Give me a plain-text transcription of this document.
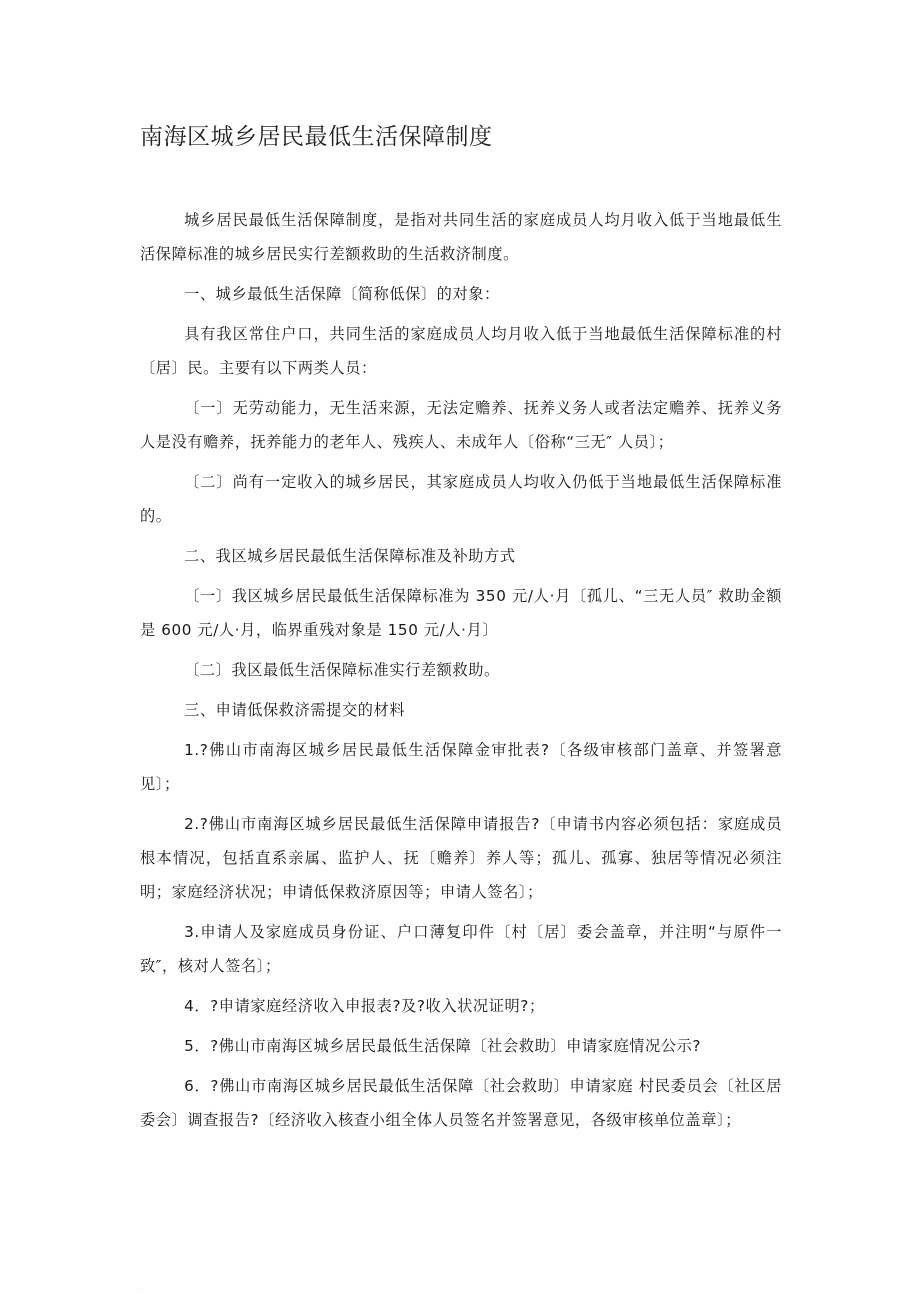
南海区城乡居民最低生活保障制度

城乡居民最低生活保障制度，是指对共同生活的家庭成员人均月收入低于当地最低生活保障标准的城乡居民实行差额救助的生活救济制度。

一、城乡最低生活保障〔简称低保〕的对象：

具有我区常住户口，共同生活的家庭成员人均月收入低于当地最低生活保障标准的村〔居〕民。主要有以下两类人员：

〔一〕无劳动能力，无生活来源，无法定赡养、抚养义务人或者法定赡养、抚养义务人是没有赡养，抚养能力的老年人、残疾人、未成年人〔俗称“三无″ 人员〕；

〔二〕尚有一定收入的城乡居民，其家庭成员人均收入仍低于当地最低生活保障标准的。

二、我区城乡居民最低生活保障标准及补助方式

〔一〕我区城乡居民最低生活保障标准为 350 元/人·月〔孤儿、“三无人员″ 救助金额是 600 元/人·月，临界重残对象是 150 元/人·月〕

〔二〕我区最低生活保障标准实行差额救助。

三、申请低保救济需提交的材料

1.?佛山市南海区城乡居民最低生活保障金审批表?〔各级审核部门盖章、并签署意见〕；

2.?佛山市南海区城乡居民最低生活保障申请报告?〔申请书内容必须包括：家庭成员根本情况，包括直系亲属、监护人、抚〔赡养〕养人等；孤儿、孤寡、独居等情况必须注明；家庭经济状况；申请低保救济原因等；申请人签名〕；

3.申请人及家庭成员身份证、户口薄复印件〔村〔居〕委会盖章，并注明“与原件一致″，核对人签名〕；

4．?申请家庭经济收入申报表?及?收入状况证明?；

5．?佛山市南海区城乡居民最低生活保障〔社会救助〕申请家庭情况公示?

6．?佛山市南海区城乡居民最低生活保障〔社会救助〕申请家庭 村民委员会〔社区居委会〕调查报告?〔经济收入核查小组全体人员签名并签署意见，各级审核单位盖章〕；

.
